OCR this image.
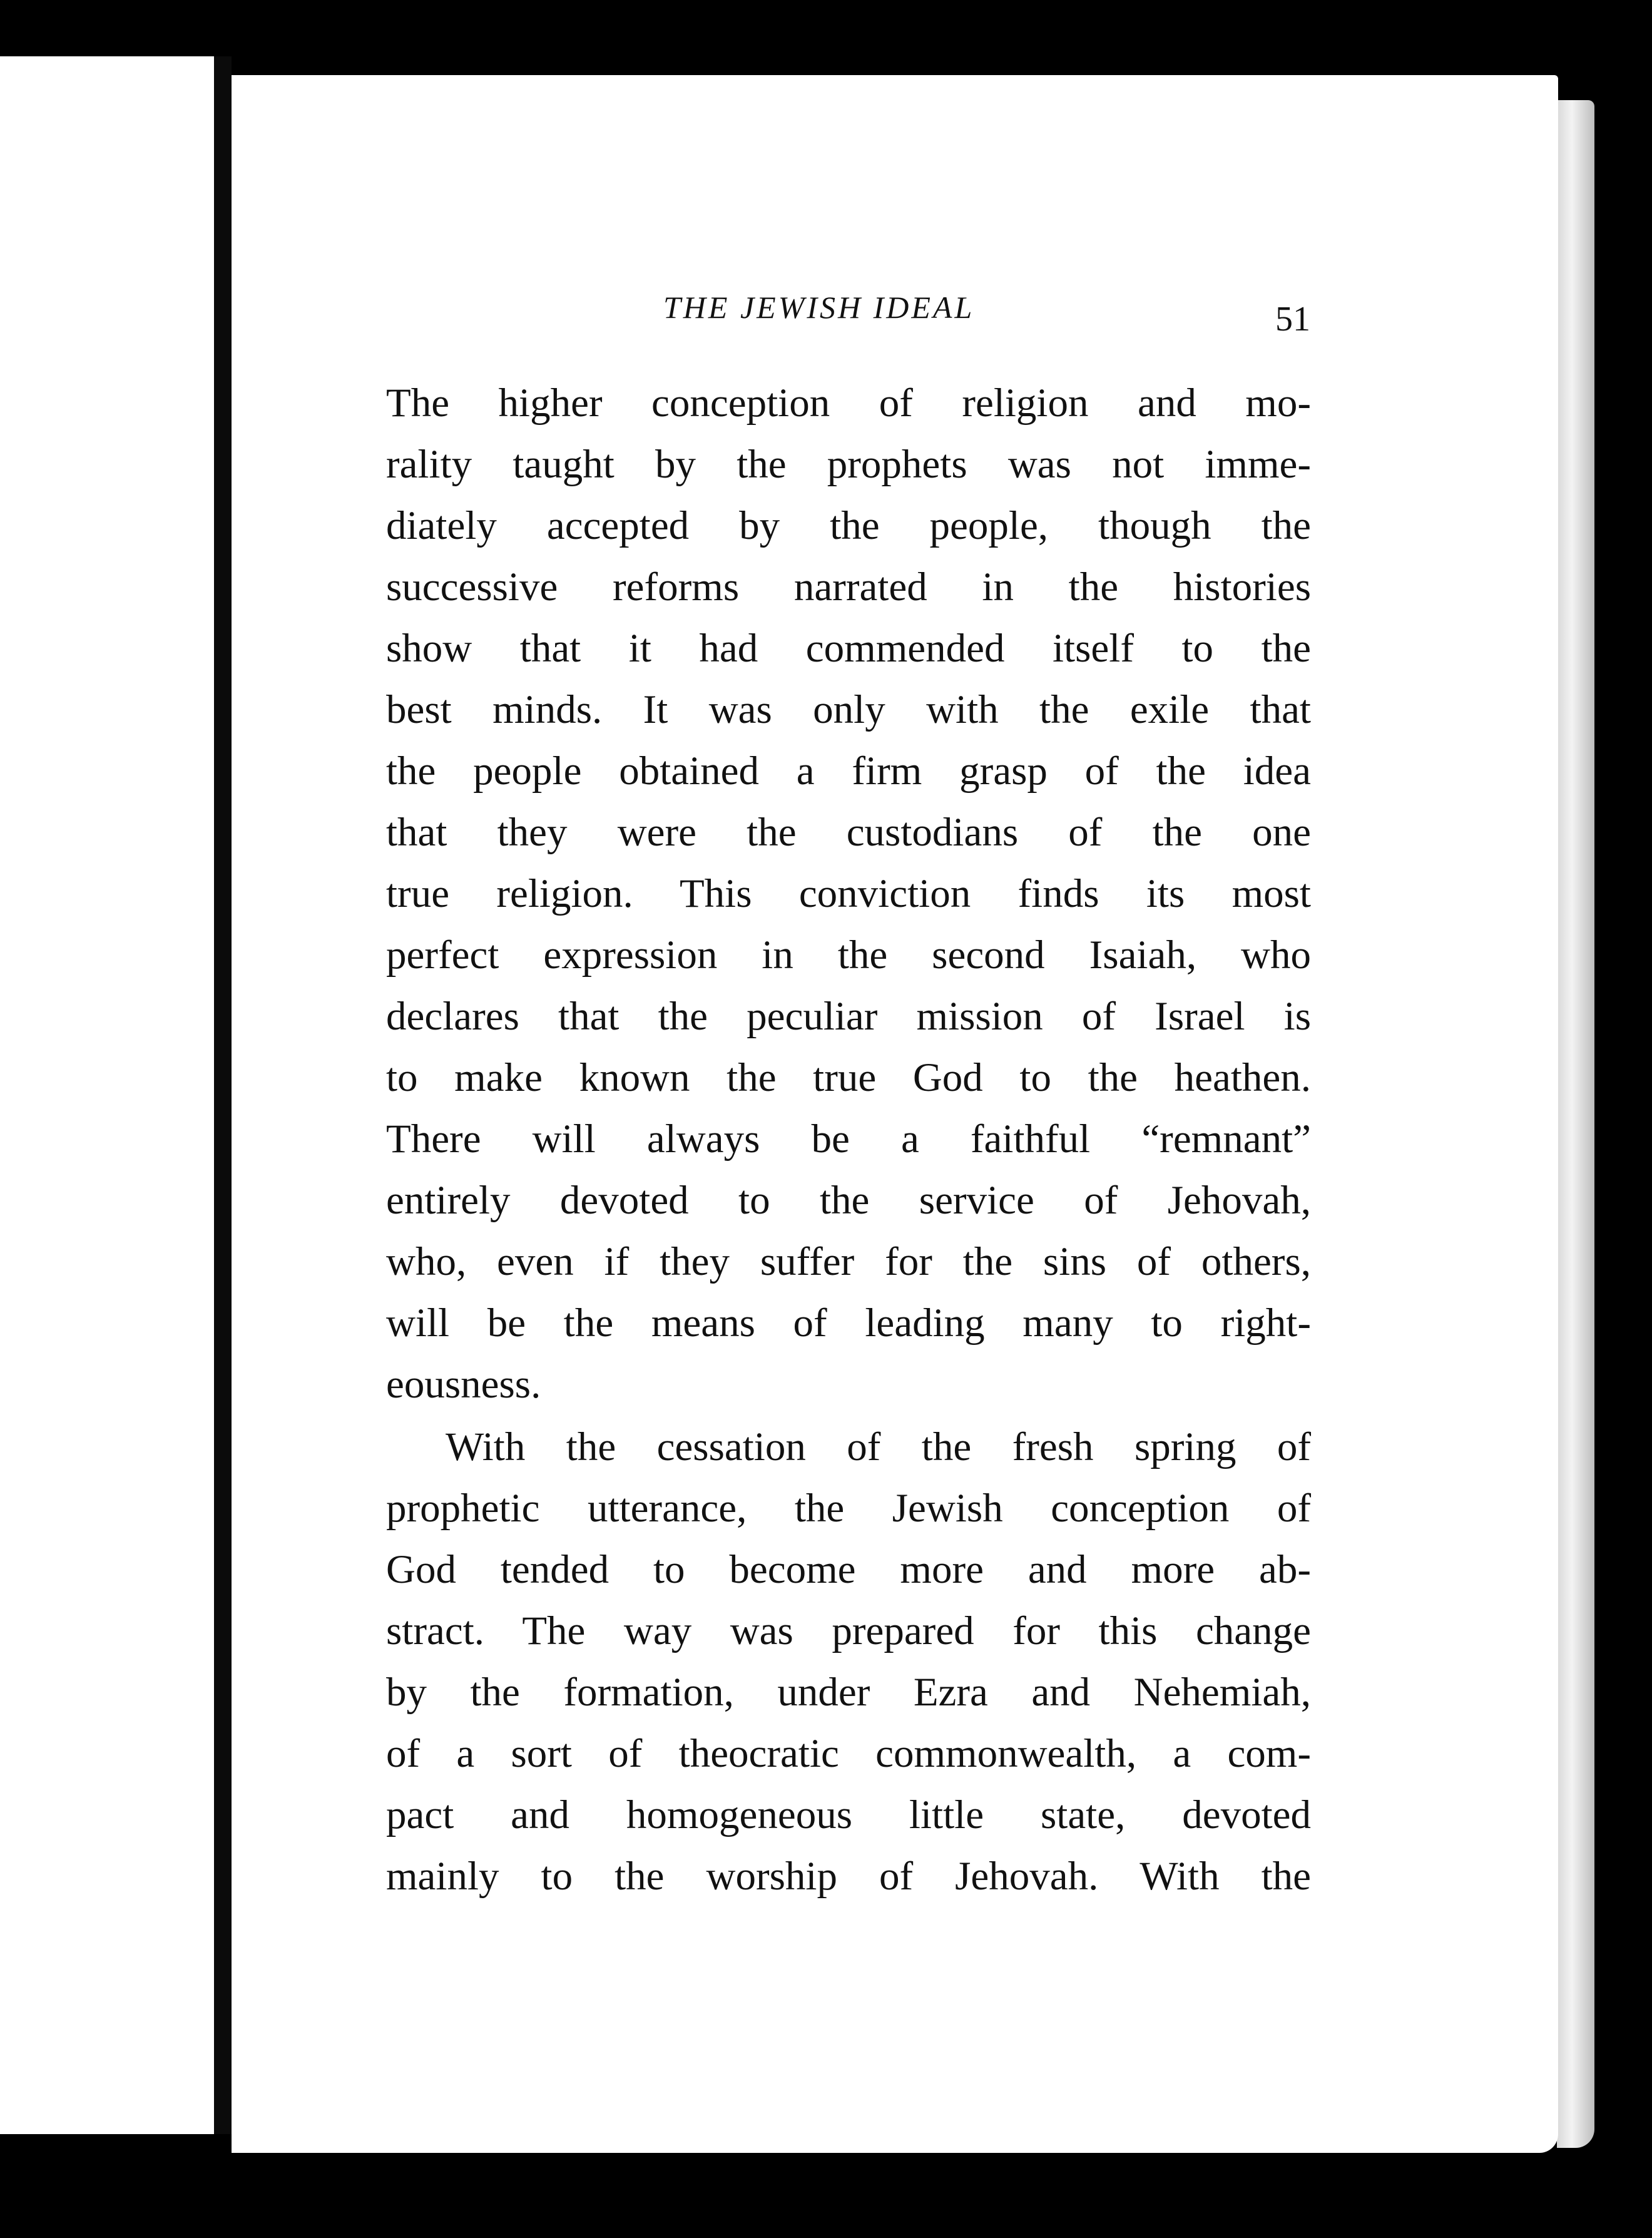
THE JEWISH IDEAL	51
The higher conception of religion and mo-
rality taught by the prophets was not imme-
diately accepted by the people, though the
successive reforms narrated in the histories
show that it had commended itself to the
best minds. It was only with the exile that
the people obtained a firm grasp of the idea
that they were the custodians of the one
true religion. This conviction finds its most
perfect expression in the second Isaiah, who
declares that the peculiar mission of Israel is
to make known the true God to the heathen.
There will always be a faithful “remnant”
entirely devoted to the service of Jehovah,
who, even if they suffer for the sins of others,
will be the means of leading many to right-
eousness.
With the cessation of the fresh spring of
prophetic utterance, the Jewish conception of
God tended to become more and more ab-
stract. The way was prepared for this change
by the formation, under Ezra and Nehemiah,
of a sort of theocratic commonwealth, a com-
pact and homogeneous little state, devoted
mainly to the worship of Jehovah. With the
